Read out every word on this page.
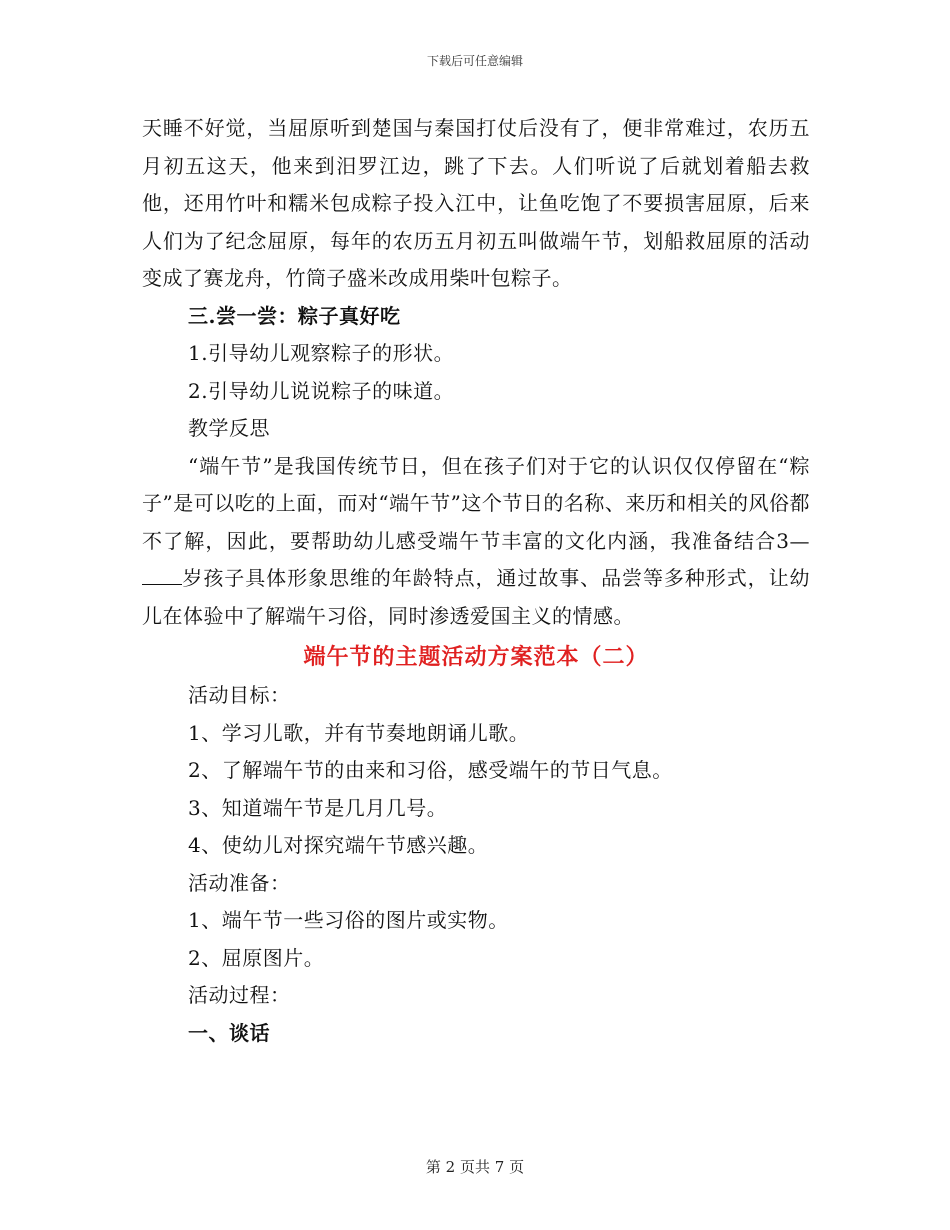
下载后可任意编辑

天睡不好觉，当屈原听到楚国与秦国打仗后没有了，便非常难过，农历五月初五这天，他来到汨罗江边，跳了下去。人们听说了后就划着船去救他，还用竹叶和糯米包成粽子投入江中，让鱼吃饱了不要损害屈原，后来人们为了纪念屈原，每年的农历五月初五叫做端午节，划船救屈原的活动变成了赛龙舟，竹筒子盛米改成用柴叶包粽子。

三.尝一尝：粽子真好吃

1.引导幼儿观察粽子的形状。

2.引导幼儿说说粽子的味道。

教学反思

“端午节”是我国传统节日，但在孩子们对于它的认识仅仅停留在“粽子”是可以吃的上面，而对“端午节”这个节日的名称、来历和相关的风俗都不了解，因此，要帮助幼儿感受端午节丰富的文化内涵，我准备结合3—岁孩子具体形象思维的年龄特点，通过故事、品尝等多种形式，让幼儿在体验中了解端午习俗，同时渗透爱国主义的情感。

端午节的主题活动方案范本（二）

活动目标：

1、学习儿歌，并有节奏地朗诵儿歌。

2、了解端午节的由来和习俗，感受端午的节日气息。

3、知道端午节是几月几号。

4、使幼儿对探究端午节感兴趣。

活动准备：

1、端午节一些习俗的图片或实物。

2、屈原图片。

活动过程：

一、谈话

第 2 页共 7 页
